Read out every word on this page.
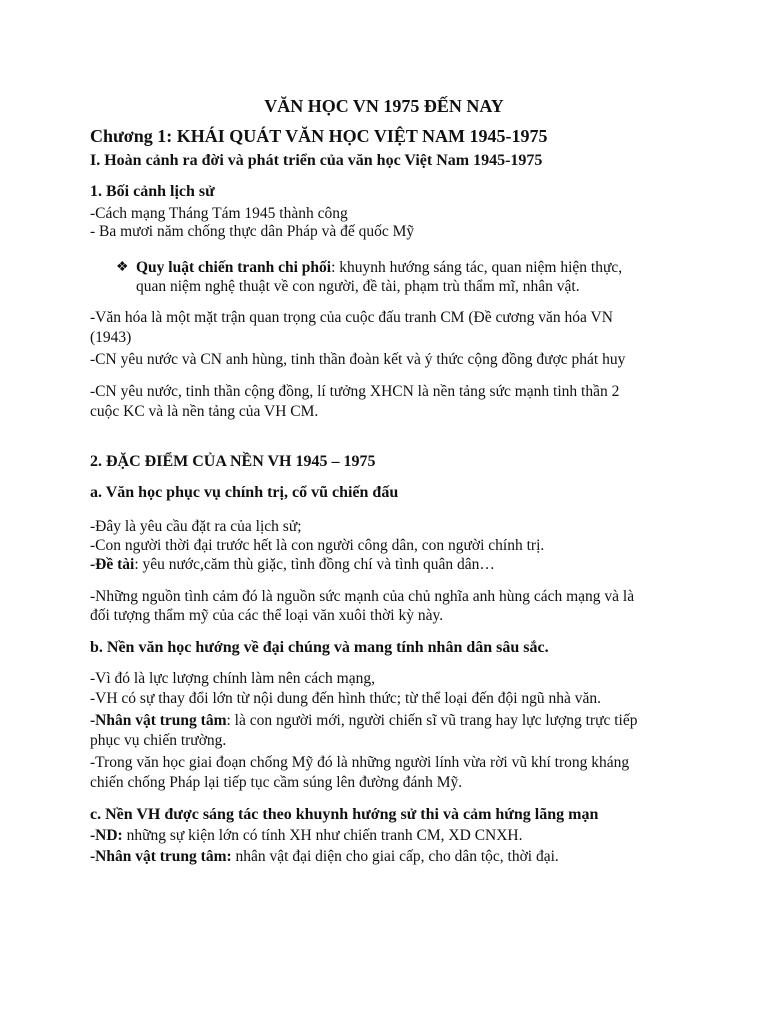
VĂN HỌC VN 1975 ĐẾN NAY

Chương 1: KHÁI QUÁT VĂN HỌC VIỆT NAM 1945-1975

I. Hoàn cảnh ra đời và phát triển của văn học Việt Nam 1945-1975

1. Bối cảnh lịch sử

-Cách mạng Tháng Tám 1945 thành công

- Ba mươi năm chống thực dân Pháp và đế quốc Mỹ

❖ Quy luật chiến tranh chi phối: khuynh hướng sáng tác, quan niệm hiện thực,

quan niệm nghệ thuật về con người, đề tài, phạm trù thẩm mĩ, nhân vật.

-Văn hóa là một mặt trận quan trọng của cuộc đấu tranh CM (Đề cương văn hóa VN

(1943)

-CN yêu nước và CN anh hùng, tinh thần đoàn kết và ý thức cộng đồng được phát huy

-CN yêu nước, tinh thần cộng đồng, lí tưởng XHCN là nền tảng sức mạnh tinh thần 2

cuộc KC và là nền tảng của VH CM.

2. ĐẶC ĐIỂM CỦA NỀN VH 1945 – 1975

a. Văn học phục vụ chính trị, cổ vũ chiến đấu

-Đây là yêu cầu đặt ra của lịch sử;

-Con người thời đại trước hết là con người công dân, con người chính trị.

-Đề tài: yêu nước,căm thù giặc, tình đồng chí và tình quân dân…

-Những nguồn tình cảm đó là nguồn sức mạnh của chủ nghĩa anh hùng cách mạng và là

đối tượng thẩm mỹ của các thể loại văn xuôi thời kỳ này.

b. Nền văn học hướng về đại chúng và mang tính nhân dân sâu sắc.

-Vì đó là lực lượng chính làm nên cách mạng,

-VH có sự thay đổi lớn từ nội dung đến hình thức; từ thể loại đến đội ngũ nhà văn.

-Nhân vật trung tâm: là con người mới, người chiến sĩ vũ trang hay lực lượng trực tiếp

phục vụ chiến trường.

-Trong văn học giai đoạn chống Mỹ đó là những người lính vừa rời vũ khí trong kháng

chiến chống Pháp lại tiếp tục cầm súng lên đường đánh Mỹ.

c. Nền VH được sáng tác theo khuynh hướng sử thi và cảm hứng lãng mạn

-ND: những sự kiện lớn có tính XH như chiến tranh CM, XD CNXH.

-Nhân vật trung tâm: nhân vật đại diện cho giai cấp, cho dân tộc, thời đại.
